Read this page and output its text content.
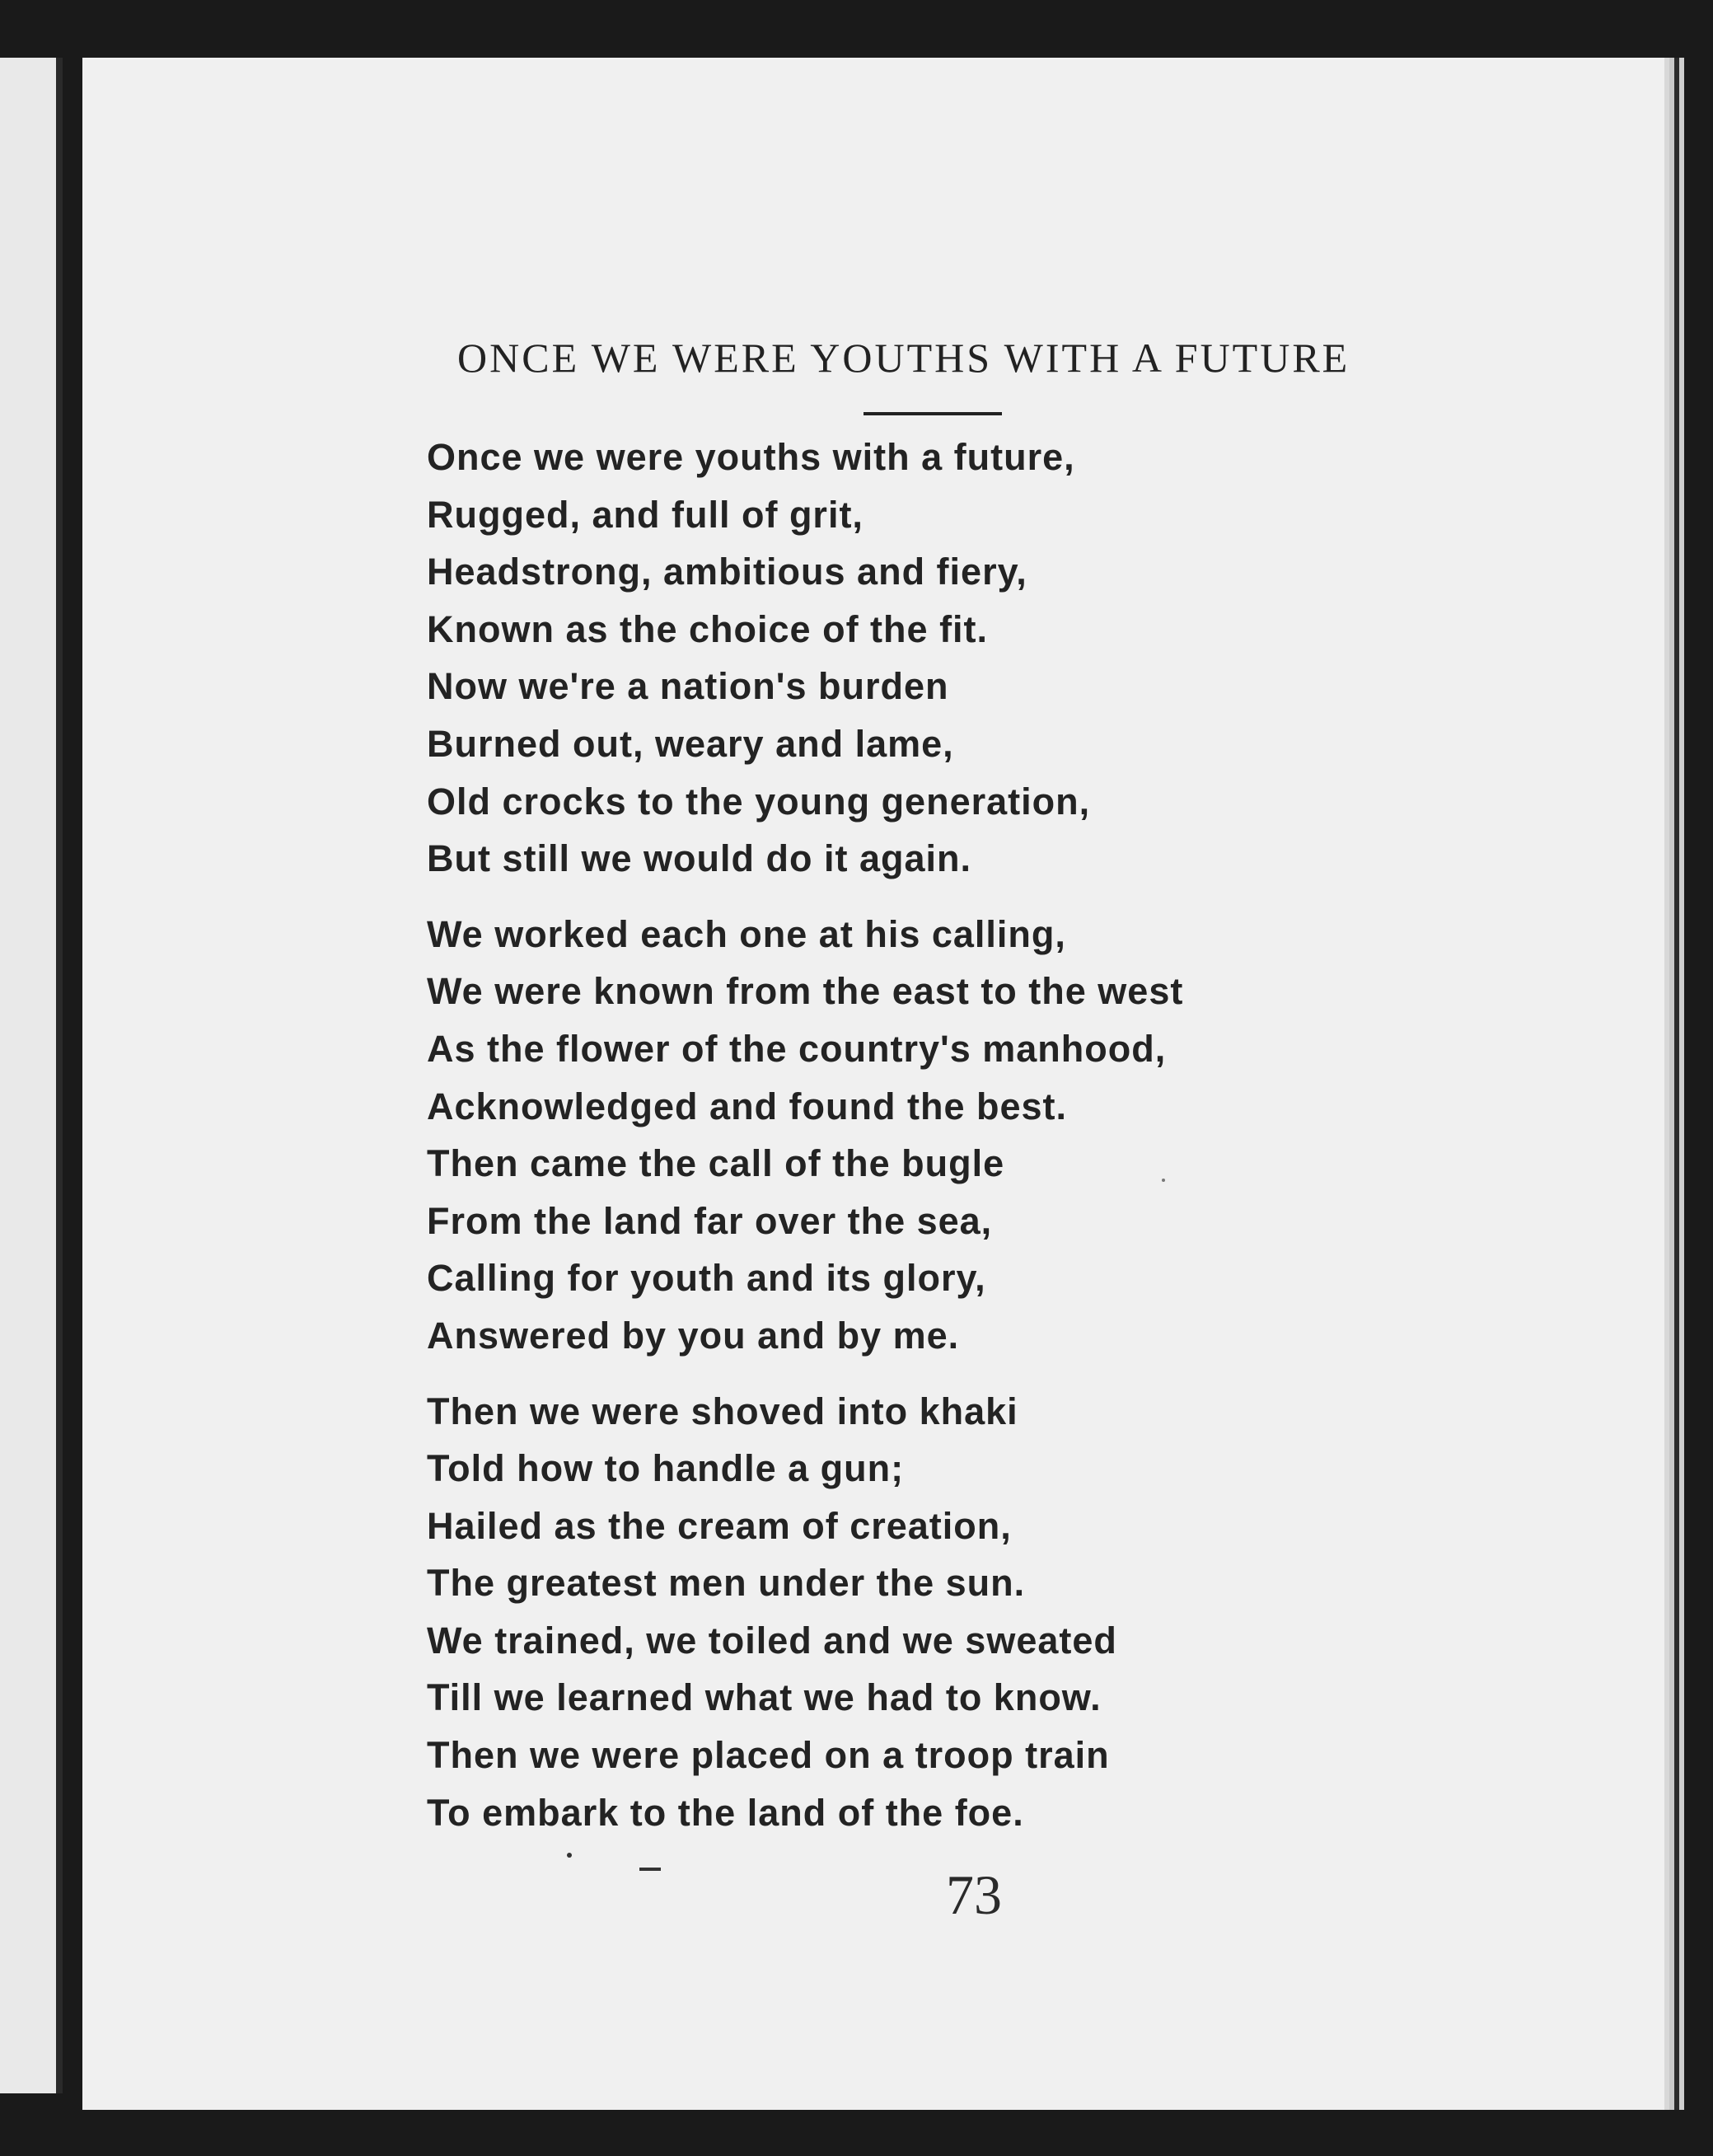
ONCE WE WERE YOUTHS WITH A FUTURE
Once we were youths with a future,
Rugged, and full of grit,
Headstrong, ambitious and fiery,
Known as the choice of the fit.
Now we're a nation's burden
Burned out, weary and lame,
Old crocks to the young generation,
But still we would do it again.
We worked each one at his calling,
We were known from the east to the west
As the flower of the country's manhood,
Acknowledged and found the best.
Then came the call of the bugle
From the land far over the sea,
Calling for youth and its glory,
Answered by you and by me.
Then we were shoved into khaki
Told how to handle a gun;
Hailed as the cream of creation,
The greatest men under the sun.
We trained, we toiled and we sweated
Till we learned what we had to know.
Then we were placed on a troop train
To embark to the land of the foe.
73
